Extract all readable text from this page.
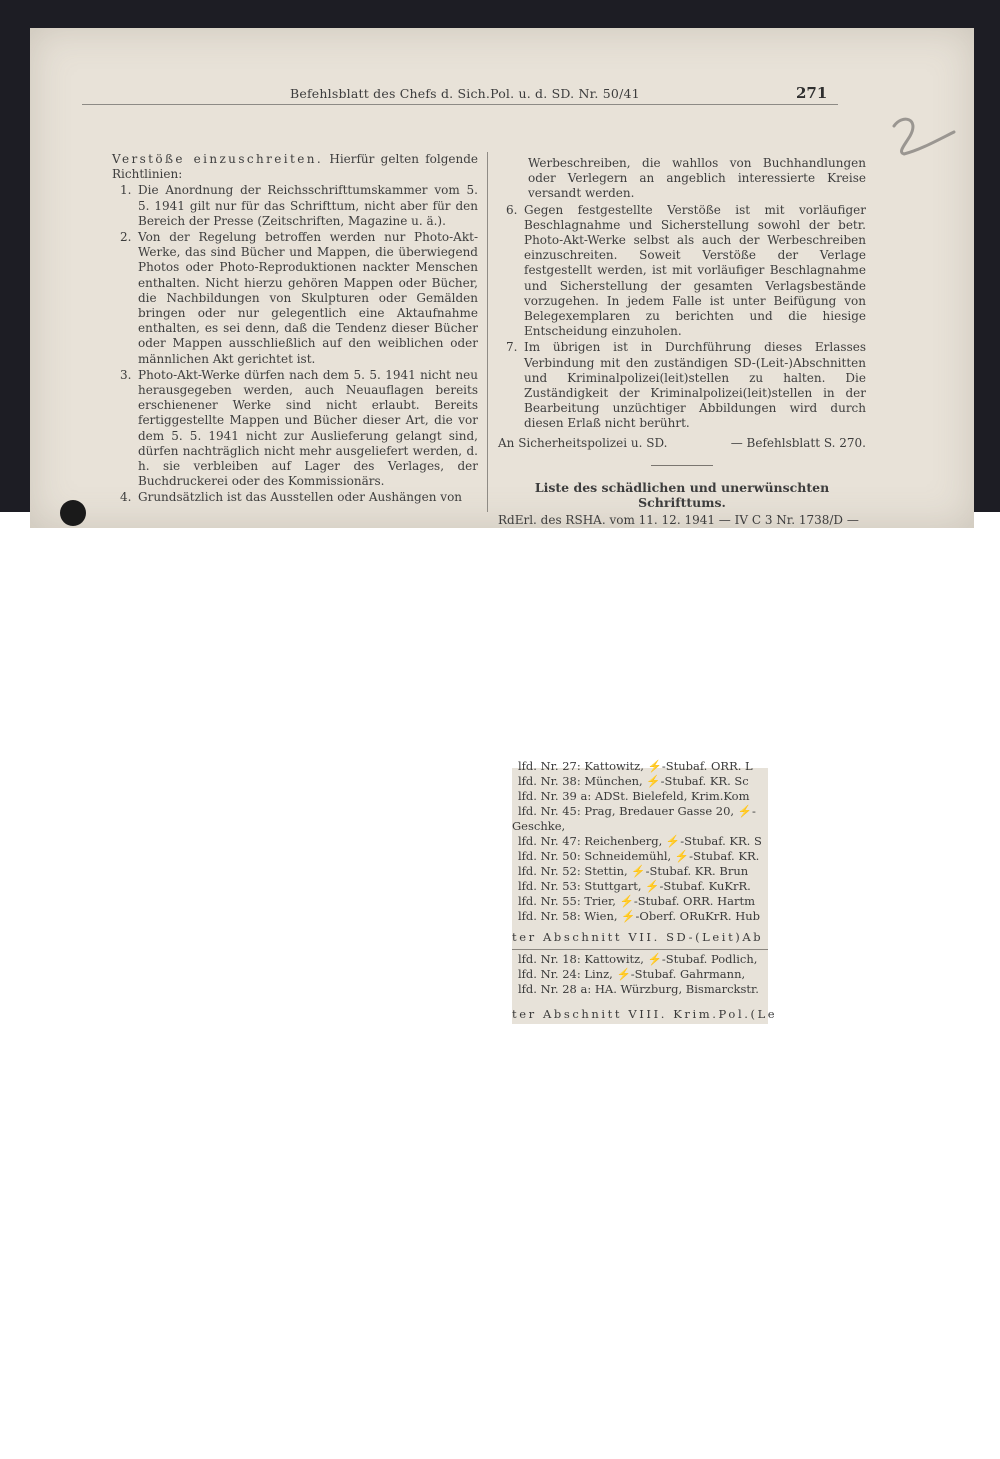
Befehlsblatt des Chefs d. Sich.Pol. u. d. SD. Nr. 50/41	271
Verstöße einzuschreiten. Hierfür gelten folgende Richtlinien:
1. Die Anordnung der Reichsschrifttumskammer vom 5. 5. 1941 gilt nur für das Schrifttum, nicht aber für den Bereich der Presse (Zeitschriften, Magazine u. ä.).
2. Von der Regelung betroffen werden nur Photo-Akt-Werke, das sind Bücher und Mappen, die überwiegend Photos oder Photo-Reproduktionen nackter Menschen enthalten. Nicht hierzu gehören Mappen oder Bücher, die Nachbildungen von Skulpturen oder Gemälden bringen oder nur gelegentlich eine Aktaufnahme enthalten, es sei denn, daß die Tendenz dieser Bücher oder Mappen ausschließlich auf den weiblichen oder männlichen Akt gerichtet ist.
3. Photo-Akt-Werke dürfen nach dem 5. 5. 1941 nicht neu herausgegeben werden, auch Neuauflagen bereits erschienener Werke sind nicht erlaubt. Bereits fertiggestellte Mappen und Bücher dieser Art, die vor dem 5. 5. 1941 nicht zur Auslieferung gelangt sind, dürfen nachträglich nicht mehr ausgeliefert werden, d. h. sie verbleiben auf Lager des Verlages, der Buchdruckerei oder des Kommissionärs.
4. Grundsätzlich ist das Ausstellen oder Aushängen von
Werbeschreiben, die wahllos von Buchhandlungen oder Verlegern an angeblich interessierte Kreise versandt werden.
6. Gegen festgestellte Verstöße ist mit vorläufiger Beschlagnahme und Sicherstellung sowohl der betr. Photo-Akt-Werke selbst als auch der Werbeschreiben einzuschreiten. Soweit Verstöße der Verlage festgestellt werden, ist mit vorläufiger Beschlagnahme und Sicherstellung der gesamten Verlagsbestände vorzugehen. In jedem Falle ist unter Beifügung von Belegexemplaren zu berichten und die hiesige Entscheidung einzuholen.
7. Im übrigen ist in Durchführung dieses Erlasses Verbindung mit den zuständigen SD-(Leit-)Abschnitten und Kriminalpolizei(leit)stellen zu halten. Die Zuständigkeit der Kriminalpolizei(leit)stellen in der Bearbeitung unzüchtiger Abbildungen wird durch diesen Erlaß nicht berührt.
An Sicherheitspolizei u. SD.	— Befehlsblatt S. 270.
Liste des schädlichen und unerwünschten Schrifttums.
RdErl. des RSHA. vom 11. 12. 1941 — IV C 3 Nr. 1738/D —
lfd. Nr. 27: Kattowitz, ⚡-Stubaf. ORR. L
lfd. Nr. 38: München, ⚡-Stubaf. KR. Sc
lfd. Nr. 39 a: ADSt. Bielefeld, Krim.Kom
lfd. Nr. 45: Prag, Bredauer Gasse 20, ⚡-
Geschke,
lfd. Nr. 47: Reichenberg, ⚡-Stubaf. KR. S
lfd. Nr. 50: Schneidemühl, ⚡-Stubaf. KR.
lfd. Nr. 52: Stettin, ⚡-Stubaf. KR. Brun
lfd. Nr. 53: Stuttgart, ⚡-Stubaf. KuKrR.
lfd. Nr. 55: Trier, ⚡-Stubaf. ORR. Hartm
lfd. Nr. 58: Wien, ⚡-Oberf. ORuKrR. Hub
ter Abschnitt VII. SD-(Leit)Ab
lfd. Nr. 18: Kattowitz, ⚡-Stubaf. Podlich,
lfd. Nr. 24: Linz, ⚡-Stubaf. Gahrmann,
lfd. Nr. 28 a: HA. Würzburg, Bismarckstr.
ter Abschnitt VIII. Krim.Pol.(Le
